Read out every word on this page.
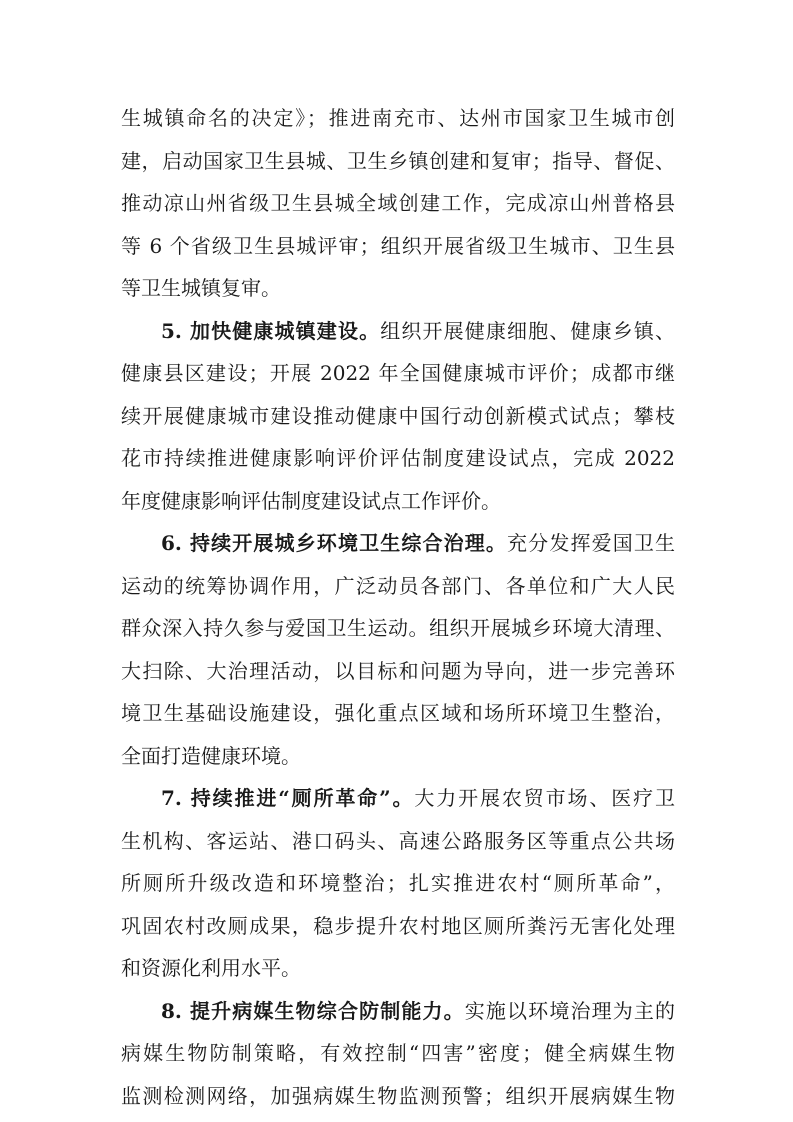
生城镇命名的决定》；推进南充市、达州市国家卫生城市创
建，启动国家卫生县城、卫生乡镇创建和复审；指导、督促、
推动凉山州省级卫生县城全域创建工作，完成凉山州普格县
等 6 个省级卫生县城评审；组织开展省级卫生城市、卫生县
等卫生城镇复审。
5. 加快健康城镇建设。组织开展健康细胞、健康乡镇、
健康县区建设；开展 2022 年全国健康城市评价；成都市继
续开展健康城市建设推动健康中国行动创新模式试点；攀枝
花市持续推进健康影响评价评估制度建设试点，完成 2022
年度健康影响评估制度建设试点工作评价。
6. 持续开展城乡环境卫生综合治理。充分发挥爱国卫生
运动的统筹协调作用，广泛动员各部门、各单位和广大人民
群众深入持久参与爱国卫生运动。组织开展城乡环境大清理、
大扫除、大治理活动，以目标和问题为导向，进一步完善环
境卫生基础设施建设，强化重点区域和场所环境卫生整治，
全面打造健康环境。
7. 持续推进“厕所革命”。大力开展农贸市场、医疗卫
生机构、客运站、港口码头、高速公路服务区等重点公共场
所厕所升级改造和环境整治；扎实推进农村“厕所革命”，
巩固农村改厕成果，稳步提升农村地区厕所粪污无害化处理
和资源化利用水平。
8. 提升病媒生物综合防制能力。实施以环境治理为主的
病媒生物防制策略，有效控制“四害”密度；健全病媒生物
监测检测网络，加强病媒生物监测预警；组织开展病媒生物
